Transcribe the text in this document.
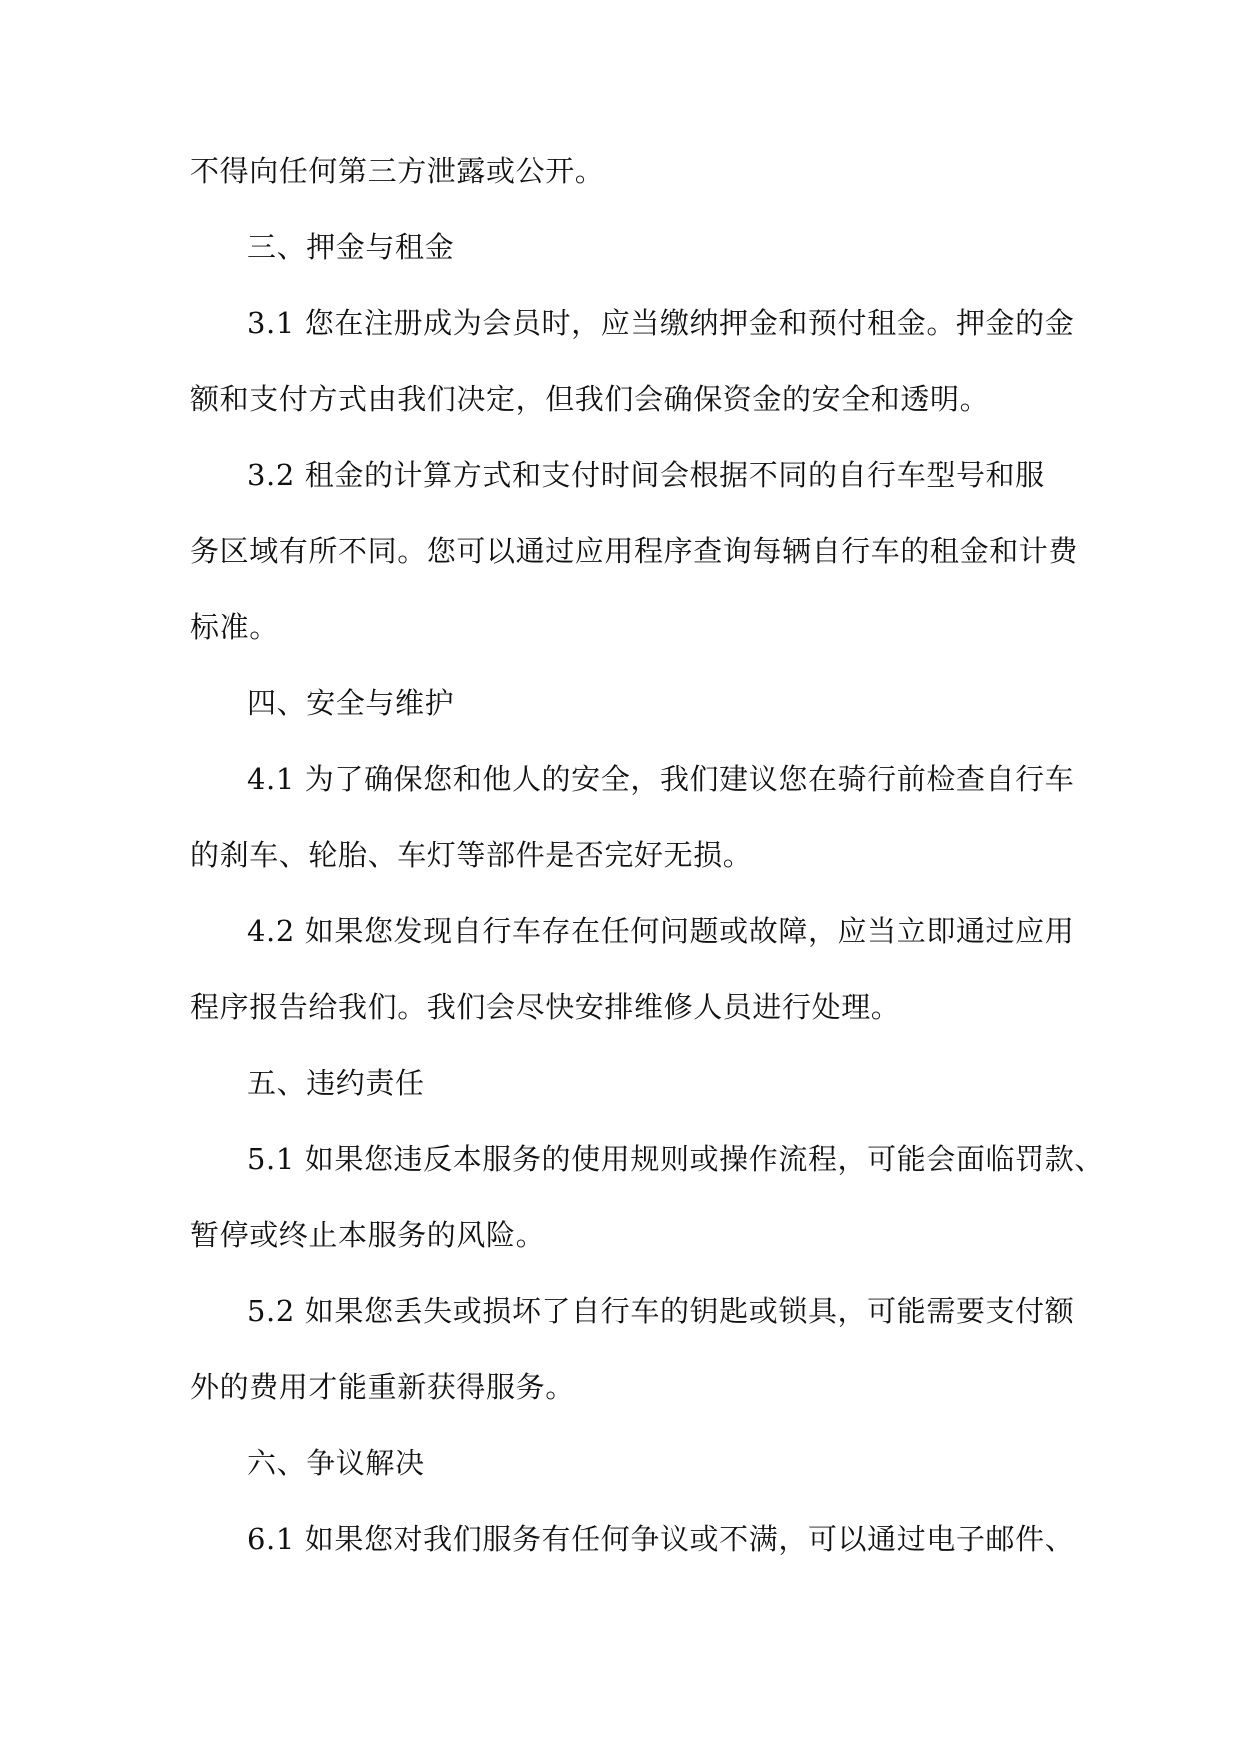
不得向任何第三方泄露或公开。
三、押金与租金
3.1 您在注册成为会员时，应当缴纳押金和预付租金。押金的金
额和支付方式由我们决定，但我们会确保资金的安全和透明。
3.2 租金的计算方式和支付时间会根据不同的自行车型号和服
务区域有所不同。您可以通过应用程序查询每辆自行车的租金和计费
标准。
四、安全与维护
4.1 为了确保您和他人的安全，我们建议您在骑行前检查自行车
的刹车、轮胎、车灯等部件是否完好无损。
4.2 如果您发现自行车存在任何问题或故障，应当立即通过应用
程序报告给我们。我们会尽快安排维修人员进行处理。
五、违约责任
5.1 如果您违反本服务的使用规则或操作流程，可能会面临罚款、
暂停或终止本服务的风险。
5.2 如果您丢失或损坏了自行车的钥匙或锁具，可能需要支付额
外的费用才能重新获得服务。
六、争议解决
6.1 如果您对我们服务有任何争议或不满，可以通过电子邮件、
